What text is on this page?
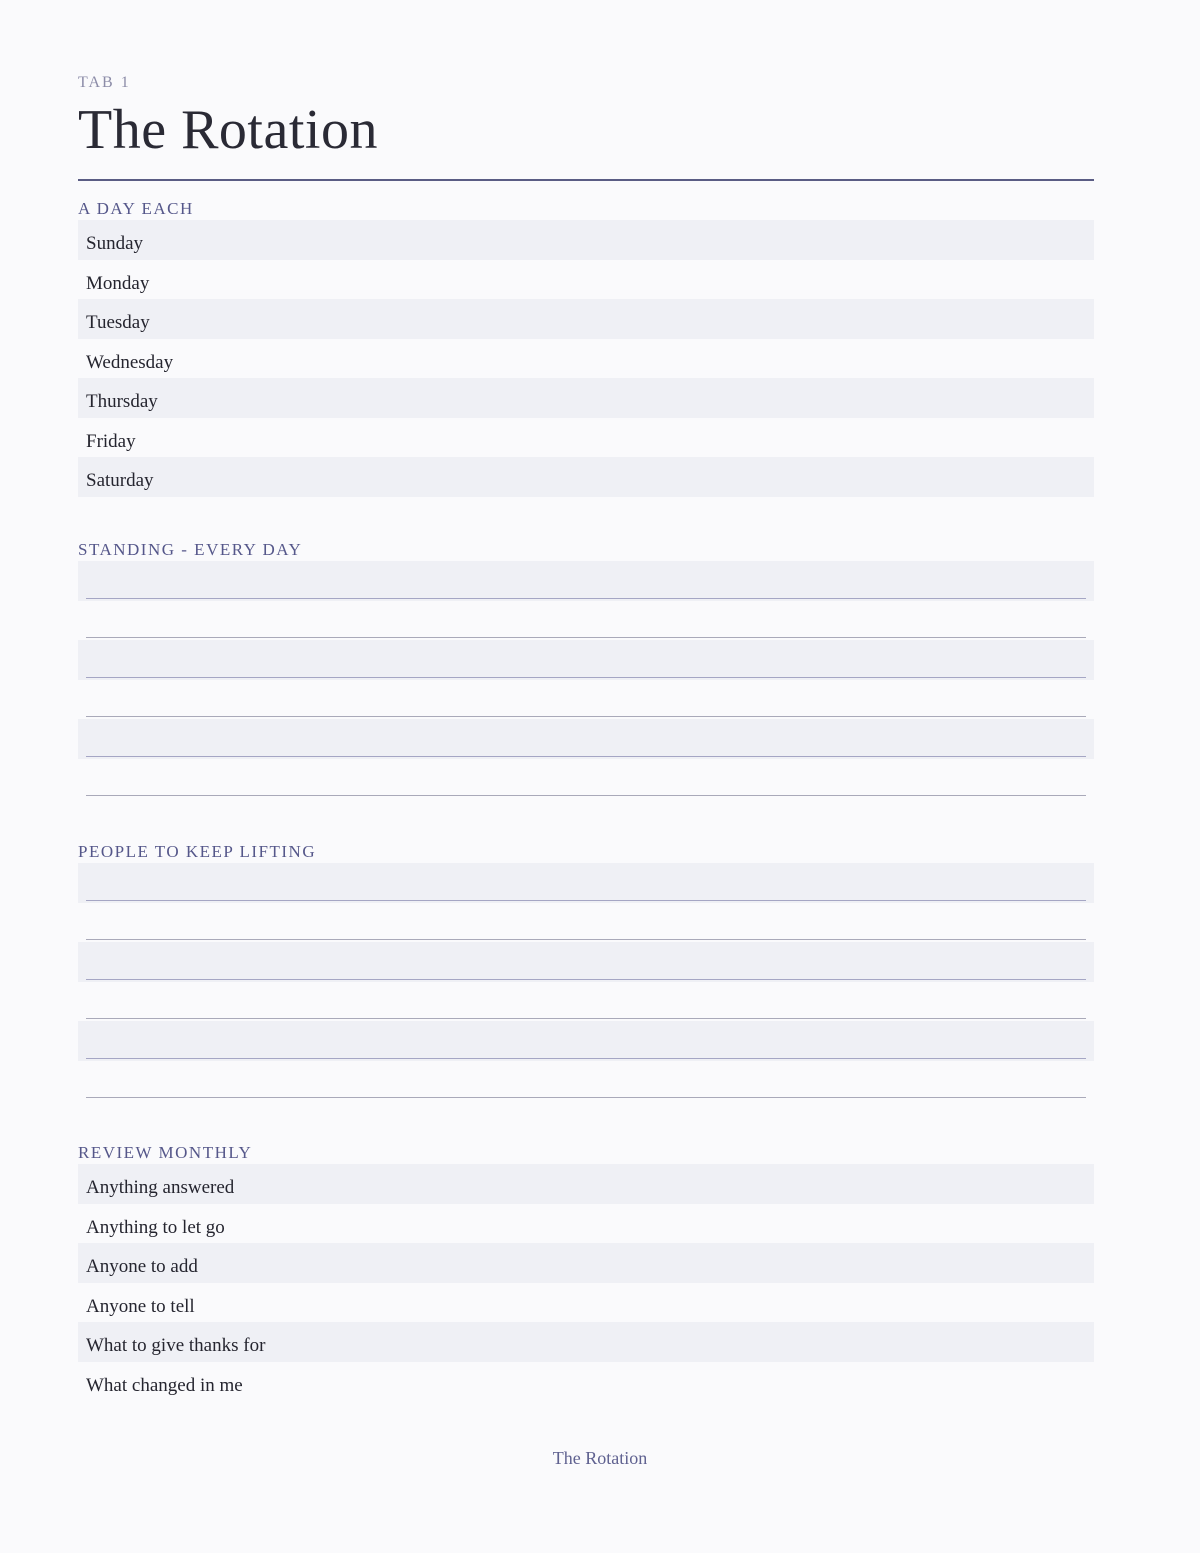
TAB 1
The Rotation
A DAY EACH
Sunday
Monday
Tuesday
Wednesday
Thursday
Friday
Saturday
STANDING - EVERY DAY
PEOPLE TO KEEP LIFTING
REVIEW MONTHLY
Anything answered
Anything to let go
Anyone to add
Anyone to tell
What to give thanks for
What changed in me
The Rotation
